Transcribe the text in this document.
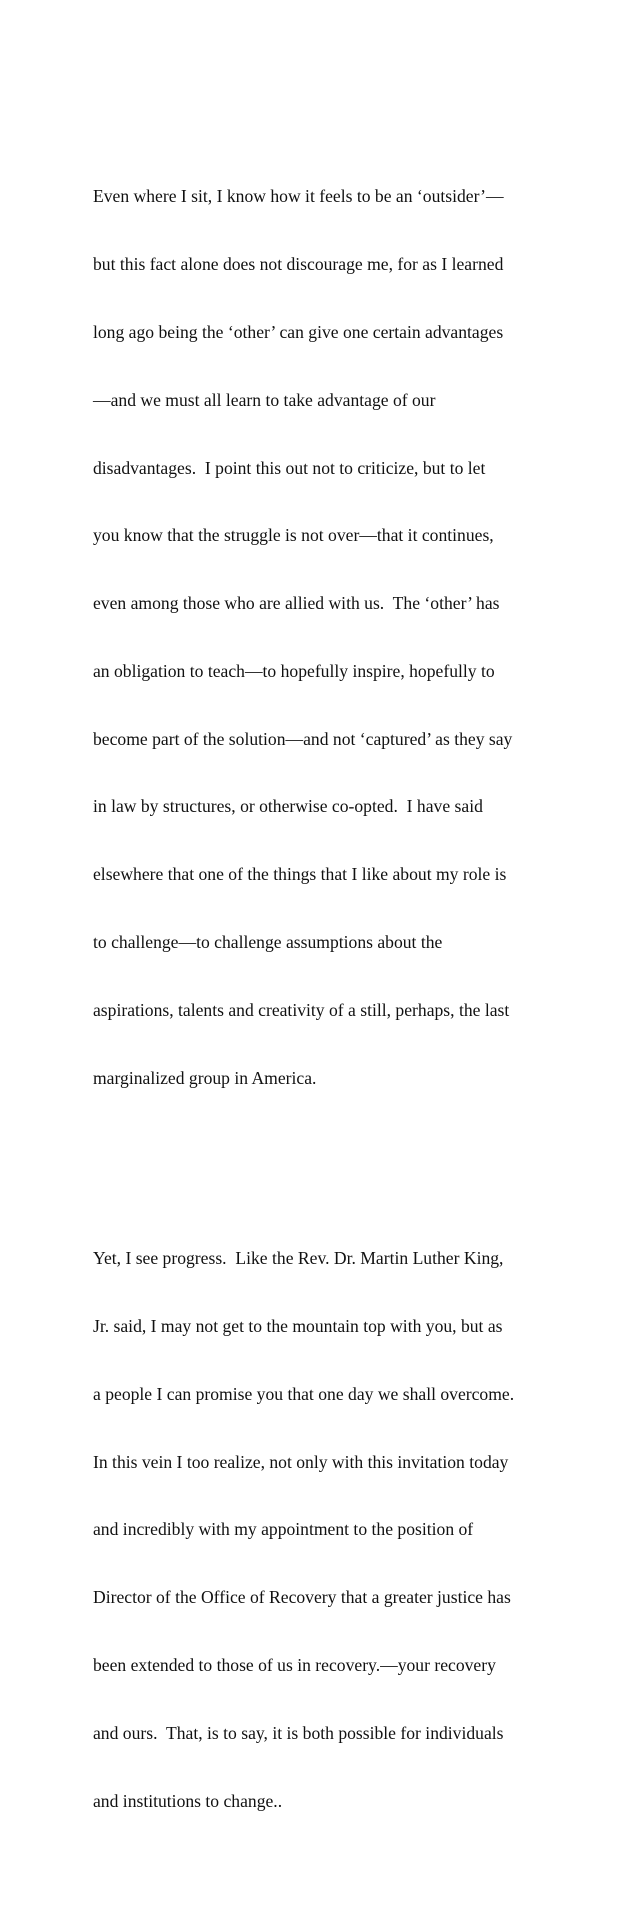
Even where I sit, I know how it feels to be an ‘outsider’—

but this fact alone does not discourage me, for as I learned

long ago being the ‘other’ can give one certain advantages

—and we must all learn to take advantage of our

disadvantages.  I point this out not to criticize, but to let

you know that the struggle is not over—that it continues,

even among those who are allied with us.  The ‘other’ has

an obligation to teach—to hopefully inspire, hopefully to

become part of the solution—and not ‘captured’ as they say

in law by structures, or otherwise co-opted.  I have said

elsewhere that one of the things that I like about my role is

to challenge—to challenge assumptions about the

aspirations, talents and creativity of a still, perhaps, the last

marginalized group in America.

Yet, I see progress.  Like the Rev. Dr. Martin Luther King,

Jr. said, I may not get to the mountain top with you, but as

a people I can promise you that one day we shall overcome.

In this vein I too realize, not only with this invitation today

and incredibly with my appointment to the position of

Director of the Office of Recovery that a greater justice has

been extended to those of us in recovery.—your recovery

and ours.  That, is to say, it is both possible for individuals

and institutions to change..
